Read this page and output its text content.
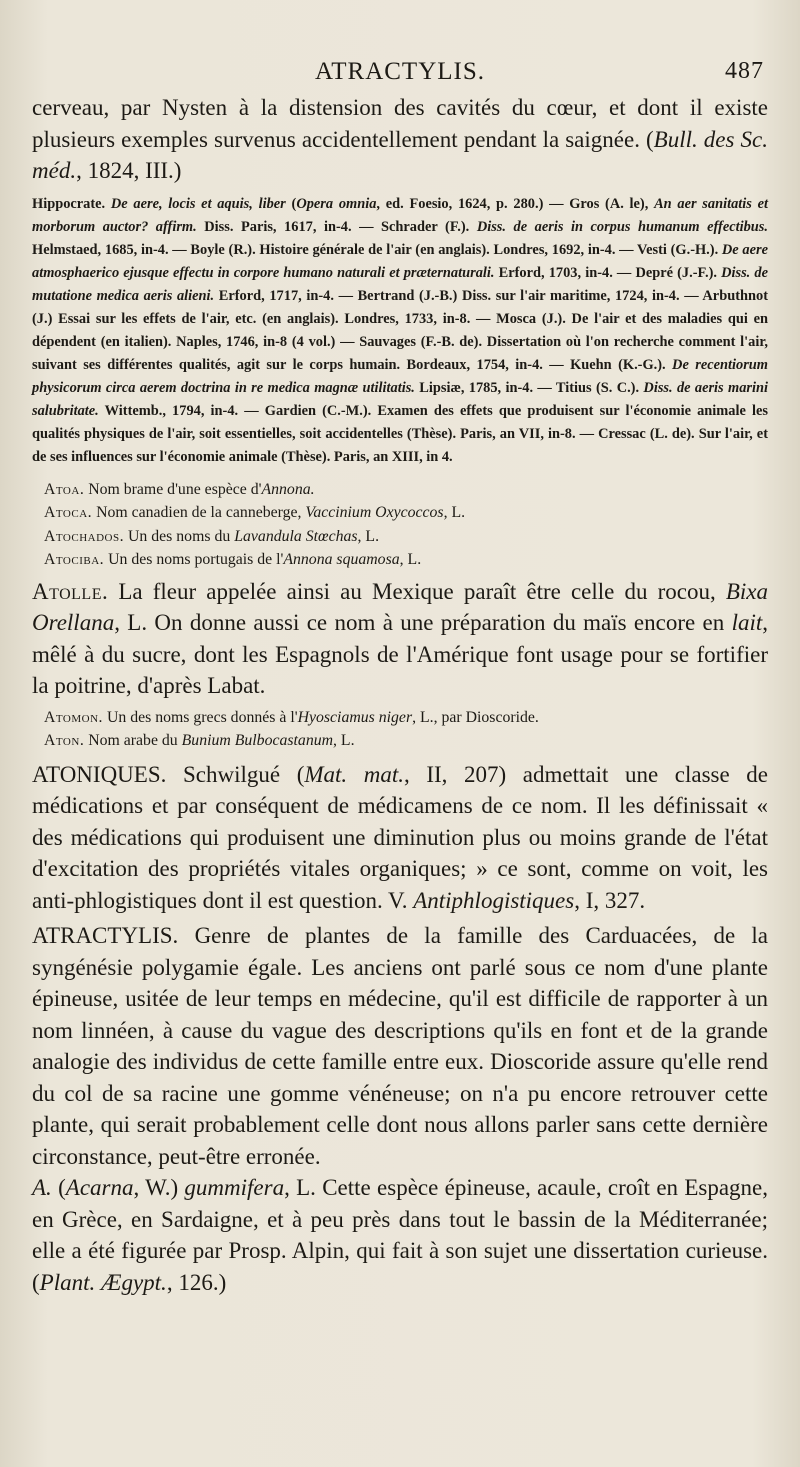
ATRACTYLIS.	487

cerveau, par Nysten à la distension des cavités du cœur, et dont il existe plusieurs exemples survenus accidentellement pendant la saignée. (Bull. des Sc. méd., 1824, III.)

Hippocrate. De aere, locis et aquis, liber (Opera omnia, ed. Foesio, 1624, p. 280.) — Gros (A. le), An aer sanitatis et morborum auctor? affirm. Diss. Paris, 1617, in-4. — Schrader (F.). Diss. de aeris in corpus humanum effectibus. Helmstaed, 1685, in-4. — Boyle (R.). Histoire générale de l'air (en anglais). Londres, 1692, in-4. — Vesti (G.-H.). De aere atmosphaerico ejusque effectu in corpore humano naturali et præternaturali. Erford, 1703, in-4. — Depré (J.-F.). Diss. de mutatione medica aeris alieni. Erford, 1717, in-4. — Bertrand (J.-B.) Diss. sur l'air maritime, 1724, in-4. — Arbuthnot (J.) Essai sur les effets de l'air, etc. (en anglais). Londres, 1733, in-8. — Mosca (J.). De l'air et des maladies qui en dépendent (en italien). Naples, 1746, in-8 (4 vol.) — Sauvages (F.-B. de). Dissertation où l'on recherche comment l'air, suivant ses différentes qualités, agit sur le corps humain. Bordeaux, 1754, in-4. — Kuehn (K.-G.). De recentiorum physicorum circa aerem doctrina in re medica magnæ utilitatis. Lipsiæ, 1785, in-4. — Titius (S. C.). Diss. de aeris marini salubritate. Wittemb., 1794, in-4. — Gardien (C.-M.). Examen des effets que produisent sur l'économie animale les qualités physiques de l'air, soit essentielles, soit accidentelles (Thèse). Paris, an VII, in-8. — Cressac (L. de). Sur l'air, et de ses influences sur l'économie animale (Thèse). Paris, an XIII, in 4.

Atoa. Nom brame d'une espèce d'Annona.

Atoca. Nom canadien de la canneberge, Vaccinium Oxycoccos, L.

Atochados. Un des noms du Lavandula Stœchas, L.

Atociba. Un des noms portugais de l'Annona squamosa, L.

Atolle. La fleur appelée ainsi au Mexique paraît être celle du rocou, Bixa Orellana, L. On donne aussi ce nom à une préparation du maïs encore en lait, mêlé à du sucre, dont les Espagnols de l'Amérique font usage pour se fortifier la poitrine, d'après Labat.

Atomon. Un des noms grecs donnés à l'Hyosciamus niger, L., par Dioscoride.

Aton. Nom arabe du Bunium Bulbocastanum, L.

ATONIQUES. Schwilgué (Mat. mat., II, 207) admettait une classe de médications et par conséquent de médicamens de ce nom. Il les définissait « des médications qui produisent une diminution plus ou moins grande de l'état d'excitation des propriétés vitales organiques; » ce sont, comme on voit, les anti-phlogistiques dont il est question. V. Antiphlogistiques, I, 327.

ATRACTYLIS. Genre de plantes de la famille des Carduacées, de la syngénésie polygamie égale. Les anciens ont parlé sous ce nom d'une plante épineuse, usitée de leur temps en médecine, qu'il est difficile de rapporter à un nom linnéen, à cause du vague des descriptions qu'ils en font et de la grande analogie des individus de cette famille entre eux. Dioscoride assure qu'elle rend du col de sa racine une gomme vénéneuse; on n'a pu encore retrouver cette plante, qui serait probablement celle dont nous allons parler sans cette dernière circonstance, peut-être erronée.

A. (Acarna, W.) gummifera, L. Cette espèce épineuse, acaule, croît en Espagne, en Grèce, en Sardaigne, et à peu près dans tout le bassin de la Méditerranée; elle a été figurée par Prosp. Alpin, qui fait à son sujet une dissertation curieuse. (Plant. Ægypt., 126.)
